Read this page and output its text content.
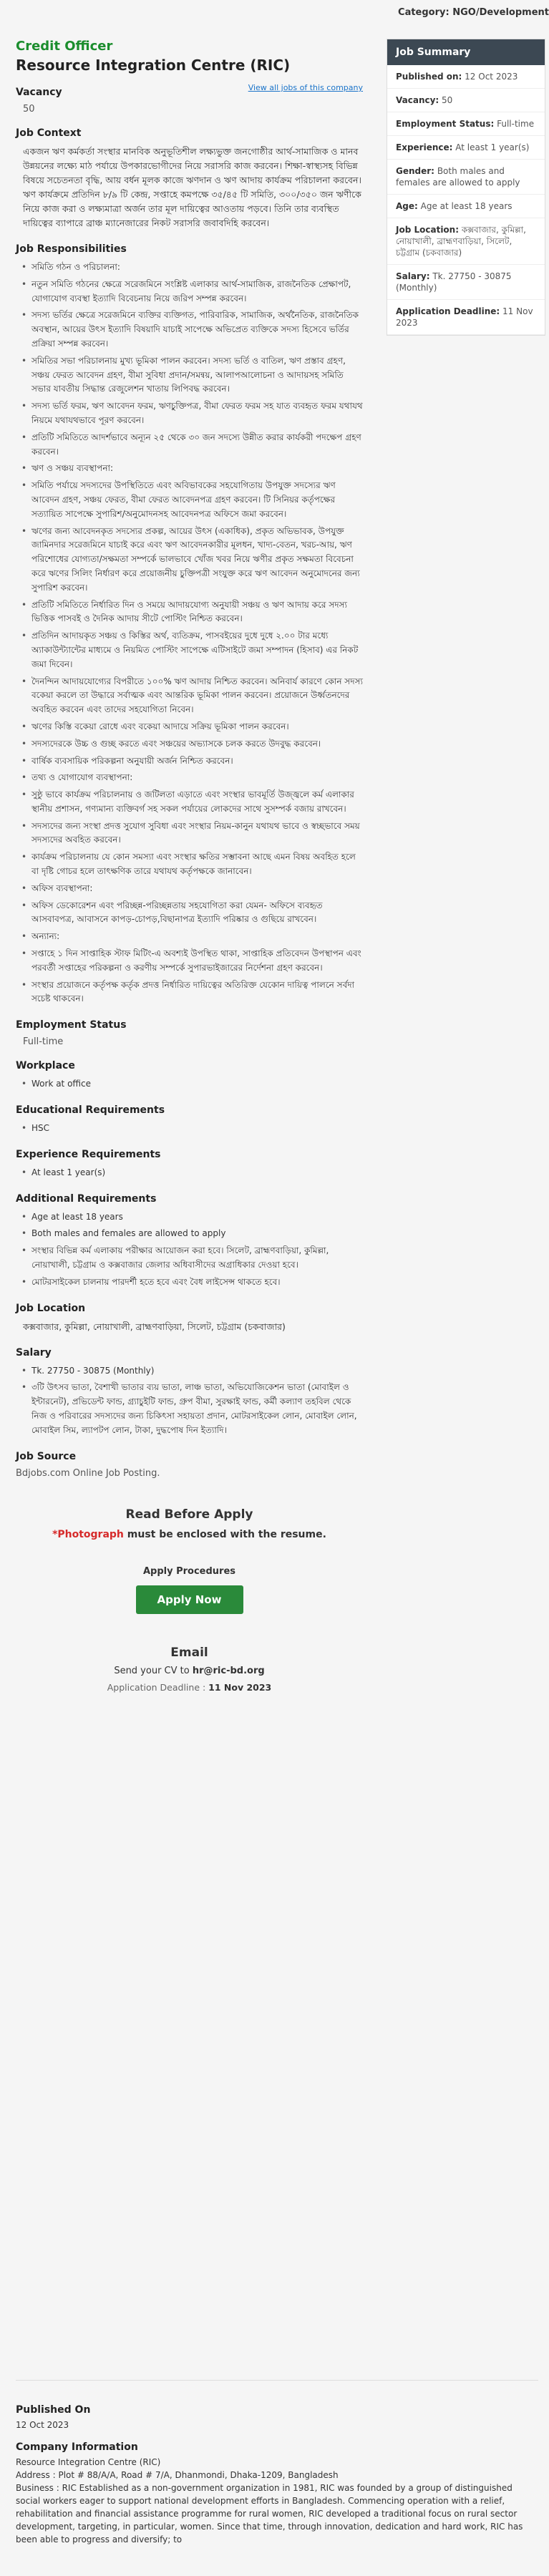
Category: NGO/Development
Credit Officer
Resource Integration Centre (RIC)
View all jobs of this company
Vacancy
50
Job Context

একজন ঋণ কর্মকর্তা সংস্থার মানবিক অনুভূতিশীল লক্ষ্যভুক্ত জনগোষ্ঠীর আর্থ-সামাজিক ও মানব উন্নয়নের লক্ষ্যে মাঠ পর্যায়ে উপকারভোগীদের নিয়ে সরাসরি কাজ করবেন। শিক্ষা-স্বাস্থ্যসহ বিভিন্ন বিষয়ে সচেতনতা বৃদ্ধি, আয় বর্ধন মূলক কাজে ঋণদান ও ঋণ আদায় কার্যক্রম পরিচালনা করবেন। ঋণ কার্যক্রমে প্রতিদিন ৮/৯ টি কেন্দ্র, সপ্তাহে কমপক্ষে ৩৫/৪৫ টি সমিতি, ৩০০/৩৫০ জন ঋণীকে নিয়ে কাজ করা ও লক্ষ্যমাত্রা অর্জন তার মূল দায়িত্বের আওতায় পড়বে। তিনি তার ব্যবস্থিত দায়িত্বের ব্যাপারে ব্রাঞ্চ ম্যানেজারের নিকট সরাসরি জবাবদিহি করবেন।

Job Responsibilities
• সমিতি গঠন ও পরিচালনা:
• নতুন সমিতি গঠনের ক্ষেত্রে সরেজমিনে সংশ্লিষ্ট এলাকার আর্থ-সামাজিক, রাজনৈতিক প্রেক্ষাপট, যোগাযোগ ব্যবস্থা ইত্যাদি বিবেচনায় নিয়ে জরিপ সম্পন্ন করবেন।
• সদস্য ভর্তির ক্ষেত্রে সরেজমিনে ব্যক্তির ব্যক্তিগত, পারিবারিক, সামাজিক, অর্থনৈতিক, রাজনৈতিক অবস্থান, আয়ের উৎস ইত্যাদি বিষয়াদি যাচাই সাপেক্ষে অভিপ্রেত ব্যক্তিকে সদস্য হিসেবে ভর্তির প্রক্রিয়া সম্পন্ন করবেন।
• সমিতির সভা পরিচালনায় মুখ্য ভূমিকা পালন করবেন। সদস্য ভর্তি ও বাতিল, ঋণ প্রস্তাব গ্রহণ, সঞ্চয় ফেরত আবেদন গ্রহণ, বীমা সুবিধা প্রদান/সমন্বয়, আলাপআলোচনা ও আদায়সহ সমিতি সভার যাবতীয় সিদ্ধান্ত রেজুলেশন খাতায় লিপিবদ্ধ করবেন।
• সদস্য ভর্তি ফরম, ঋণ আবেদন ফরম, ঋণচুক্তিপত্র, বীমা ফেরত ফরম সহ যাত ব্যবহৃত ফরম যথাযথ নিয়মে যথাযথভাবে পূরণ করবেন।
• প্রতিটি সমিতিতে আদর্শভাবে অন্যূন ২৫ থেকে ৩০ জন সদস্যে উন্নীত করার কার্যকরী পদক্ষেপ গ্রহণ করবেন।
• ঋণ ও সঞ্চয় ব্যবস্থাপনা:
• সমিতি পর্যায়ে সদস্যদের উপস্থিতিতে এবং অবিভাবকের সহযোগিতায় উপযুক্ত সদস্যের ঋণ আবেদন গ্রহণ, সঞ্চয় ফেরত, বীমা ফেরত আবেদনপত্র গ্রহণ করবেন। টি সিনিয়র কর্তৃপক্ষের সত্যায়িত সাপেক্ষে সুপারিশ/অনুমোদনসহ আবেদনপত্র অফিসে জমা করবেন।
• ঋণের জন্য আবেদনকৃত সদস্যের প্রকল্প, আয়ের উৎস (একাধিক), প্রকৃত অভিভাবক, উপযুক্ত জামিনদার সরেজমিনে যাচাই করে এবং ঋণ আবেদনকারীর মূলধন, খাদ্য-বেতন, খরচ-আয়, ঋণ পরিশোধের যোগ্যতা/সক্ষমতা সম্পর্কে ভালভাবে খোঁজ খবর নিয়ে ঋণীর প্রকৃত সক্ষমতা বিবেচনা করে ঋণের সিলিং নির্ধারণ করে প্রয়োজনীয় চুক্তিপত্রী সংযুক্ত করে ঋণ আবেদন অনুমোদনের জন্য সুপারিশ করবেন।
• প্রতিটি সমিতিতে নির্ধারিত দিন ও সময়ে আদায়যোগ্য অনুযায়ী সঞ্চয় ও ঋণ আদায় করে সদস্য ভিত্তিক পাসবই ও দৈনিক আদায় সীটে পোস্টিং নিশ্চিত করবেন।
• প্রতিদিন আদায়কৃত সঞ্চয় ও কিস্তির অর্থ, ব্যতিক্রম, পাসবইয়ের দুধে দুধে ২.০০ টার মধ্যে অ্যাকাউন্ট্যান্টের মাধ্যমে ও নিয়মিত পোস্টিং সাপেক্ষে এটিসাইটে জমা সম্পাদন (হিসাব) এর নিকট জমা দিবেন।
• দৈনন্দিন আদায়যোগ্যের বিপরীতে ১০০% ঋণ আদায় নিশ্চিত করবেন। অনিবার্য কারণে কোন সদস্য বকেয়া করলে তা উদ্ধারে সর্বাত্মক এবং আন্তরিক ভূমিকা পালন করবেন। প্রয়োজনে উর্ধ্বতনদের অবহিত করবেন এবং তাদের সহযোগিতা নিবেন।
• ঋণের কিস্তি বকেয়া রোধে এবং বকেয়া আদায়ে সক্রিয় ভূমিকা পালন করবেন।
• সদস্যদেরকে উচ্চ ও গুচ্ছ করতে এবং সঞ্চয়ের অভ্যাসকে চলক করতে উদবুদ্ধ করবেন।
• বার্ষিক ব্যবসায়িক পরিকল্পনা অনুযায়ী অর্জন নিশ্চিত করবেন।
• তথ্য ও যোগাযোগ ব্যবস্থাপনা:
• সুষ্ঠু ভাবে কার্যক্রম পরিচালনায় ও জটিলতা এড়াতে এবং সংস্থার ভাবমূর্তি উজ্জ্বলে কর্ম এলাকার স্থানীয় প্রশাসন, গণ্যমান্য ব্যক্তিবর্গ সহ সকল পর্যায়ের লোকদের সাথে সুসম্পর্ক বজায় রাখবেন।
• সদস্যদের জন্য সংস্থা প্রদত্ত সুযোগ সুবিধা এবং সংস্থার নিয়ম-কানুন যথাযথ ভাবে ও স্বচ্ছভাবে সময় সদস্যদের অবহিত করবেন।
• কার্যক্রম পরিচালনায় যে কোন সমস্যা এবং সংস্থার ক্ষতির সম্ভাবনা আছে এমন বিষয় অবহিত হলে বা দৃষ্টি গোচর হলে তাৎক্ষণিক তারে যথাযথ কর্তৃপক্ষকে জানাবেন।
• অফিস ব্যবস্থাপনা:
• অফিস ডেকোরেশন এবং পরিচ্ছন্ন-পরিচ্ছন্নতায় সহযোগিতা করা যেমন- অফিসে ব্যবহৃত আসবাবপত্র, আবাসনে কাপড়-চোপড়,বিছানাপত্র ইত্যাদি পরিষ্কার ও গুছিয়ে রাখবেন।
• অন্যান্য:
• সপ্তাহে ১ দিন সাপ্তাহিক স্টাফ মিটিং-এ অবশ্যই উপস্থিত থাকা, সাপ্তাহিক প্রতিবেদন উপস্থাপন এবং পরবর্তী সপ্তাহের পরিকল্পনা ও করণীয় সম্পর্কে সুপারভাইজারের নির্দেশনা গ্রহণ করবেন।
• সংস্থার প্রয়োজনে কর্তৃপক্ষ কর্তৃক প্রদত্ত নির্ধারিত দায়িত্বের অতিরিক্ত যেকোন দায়িত্ব পালনে সর্বদা সচেষ্ট থাকবেন।
Employment Status
Full-time
Workplace
• Work at office
Educational Requirements
• HSC
Experience Requirements
• At least 1 year(s)
Additional Requirements
• Age at least 18 years
• Both males and females are allowed to apply
• সংস্থার বিভিন্ন কর্ম এলাকায় পরীক্ষার আয়োজন করা হবে। সিলেট, ব্রাহ্মণবাড়িয়া, কুমিল্লা, নোয়াখালী, চট্টগ্রাম ও কক্সবাজার জেলার অধিবাসীদের অগ্রাধিকার দেওয়া হবে।
• মোটরসাইকেল চালনায় পারদর্শী হতে হবে এবং বৈধ লাইসেন্স থাকতে হবে।
Job Location

কক্সবাজার, কুমিল্লা, নোয়াখালী, ব্রাহ্মণবাড়িয়া, সিলেট, চট্টগ্রাম (চকবাজার)

Salary
• Tk. 27750 - 30875 (Monthly)
• ৩টি উৎসব ভাতা, বৈশাখী ভাতার ব্যয় ভাতা, লাঞ্চ ভাতা, অভিযোজিকেশন ভাতা (মোবাইল ও ইন্টারনেট), প্রভিডেন্ট ফান্ড, গ্র্যাচুইটি ফান্ড, গ্রুপ বীমা, সুরক্ষাই ফান্ড, কর্মী কল্যাণ তহবিল থেকে নিজ ও পরিবারের সদস্যদের জন্য চিকিৎসা সহায়তা প্রদান, মোটরসাইকেল লোন, মোবাইল লোন, মোবাইল সিম, ল্যাপটপ লোন, টাকা, দুদ্ধপোষ দিন ইত্যাদি।
Job Source
Bdjobs.com Online Job Posting.
Read Before Apply
*Photograph must be enclosed with the resume.
Apply Procedures
Apply Now
Email
Send your CV to hr@ric-bd.org
Application Deadline : 11 Nov 2023
Job Summary
Published on: 12 Oct 2023
Vacancy: 50
Employment Status: Full-time
Experience: At least 1 year(s)
Gender: Both males and females are allowed to apply
Age: Age at least 18 years
Job Location: কক্সবাজার, কুমিল্লা, নোয়াখালী, ব্রাহ্মণবাড়িয়া, সিলেট, চট্টগ্রাম (চকবাজার)
Salary: Tk. 27750 - 30875 (Monthly)
Application Deadline: 11 Nov 2023
Published On
12 Oct 2023
Company Information
Resource Integration Centre (RIC)
Address : Plot # 88/A/A, Road # 7/A, Dhanmondi, Dhaka-1209, Bangladesh
Business : RIC Established as a non-government organization in 1981, RIC was founded by a group of distinguished social workers eager to support national development efforts in Bangladesh. Commencing operation with a relief, rehabilitation and financial assistance programme for rural women, RIC developed a traditional focus on rural sector development, targeting, in particular, women. Since that time, through innovation, dedication and hard work, RIC has been able to progress and diversify; to
